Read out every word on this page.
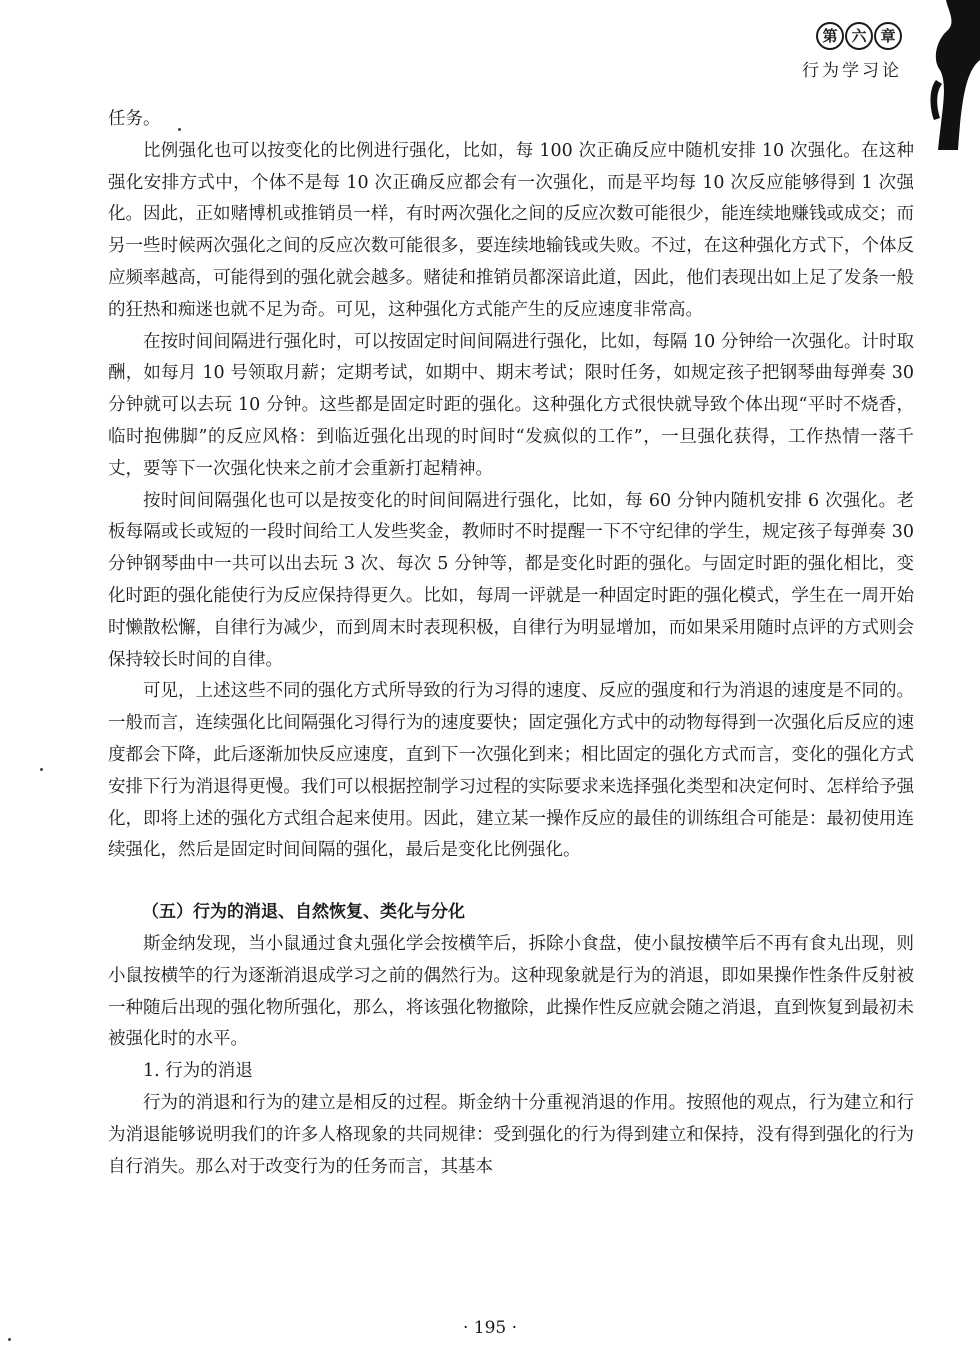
第 六 章
行为学习论

任务。

比例强化也可以按变化的比例进行强化，比如，每 100 次正确反应中随机安排 10 次强化。在这种强化安排方式中，个体不是每 10 次正确反应都会有一次强化，而是平均每 10 次反应能够得到 1 次强化。因此，正如赌博机或推销员一样，有时两次强化之间的反应次数可能很少，能连续地赚钱或成交；而另一些时候两次强化之间的反应次数可能很多，要连续地输钱或失败。不过，在这种强化方式下，个体反应频率越高，可能得到的强化就会越多。赌徒和推销员都深谙此道，因此，他们表现出如上足了发条一般的狂热和痴迷也就不足为奇。可见，这种强化方式能产生的反应速度非常高。

在按时间间隔进行强化时，可以按固定时间间隔进行强化，比如，每隔 10 分钟给一次强化。计时取酬，如每月 10 号领取月薪；定期考试，如期中、期末考试；限时任务，如规定孩子把钢琴曲每弹奏 30 分钟就可以去玩 10 分钟。这些都是固定时距的强化。这种强化方式很快就导致个体出现“平时不烧香，临时抱佛脚”的反应风格：到临近强化出现的时间时“发疯似的工作”，一旦强化获得，工作热情一落千丈，要等下一次强化快来之前才会重新打起精神。

按时间间隔强化也可以是按变化的时间间隔进行强化，比如，每 60 分钟内随机安排 6 次强化。老板每隔或长或短的一段时间给工人发些奖金，教师时不时提醒一下不守纪律的学生，规定孩子每弹奏 30 分钟钢琴曲中一共可以出去玩 3 次、每次 5 分钟等，都是变化时距的强化。与固定时距的强化相比，变化时距的强化能使行为反应保持得更久。比如，每周一评就是一种固定时距的强化模式，学生在一周开始时懒散松懈，自律行为减少，而到周末时表现积极，自律行为明显增加，而如果采用随时点评的方式则会保持较长时间的自律。

可见，上述这些不同的强化方式所导致的行为习得的速度、反应的强度和行为消退的速度是不同的。一般而言，连续强化比间隔强化习得行为的速度要快；固定强化方式中的动物每得到一次强化后反应的速度都会下降，此后逐渐加快反应速度，直到下一次强化到来；相比固定的强化方式而言，变化的强化方式安排下行为消退得更慢。我们可以根据控制学习过程的实际要求来选择强化类型和决定何时、怎样给予强化，即将上述的强化方式组合起来使用。因此，建立某一操作反应的最佳的训练组合可能是：最初使用连续强化，然后是固定时间间隔的强化，最后是变化比例强化。

（五）行为的消退、自然恢复、类化与分化

斯金纳发现，当小鼠通过食丸强化学会按横竿后，拆除小食盘，使小鼠按横竿后不再有食丸出现，则小鼠按横竿的行为逐渐消退成学习之前的偶然行为。这种现象就是行为的消退，即如果操作性条件反射被一种随后出现的强化物所强化，那么，将该强化物撤除，此操作性反应就会随之消退，直到恢复到最初未被强化时的水平。

1. 行为的消退

行为的消退和行为的建立是相反的过程。斯金纳十分重视消退的作用。按照他的观点，行为建立和行为消退能够说明我们的许多人格现象的共同规律：受到强化的行为得到建立和保持，没有得到强化的行为自行消失。那么对于改变行为的任务而言，其基本

· 195 ·
